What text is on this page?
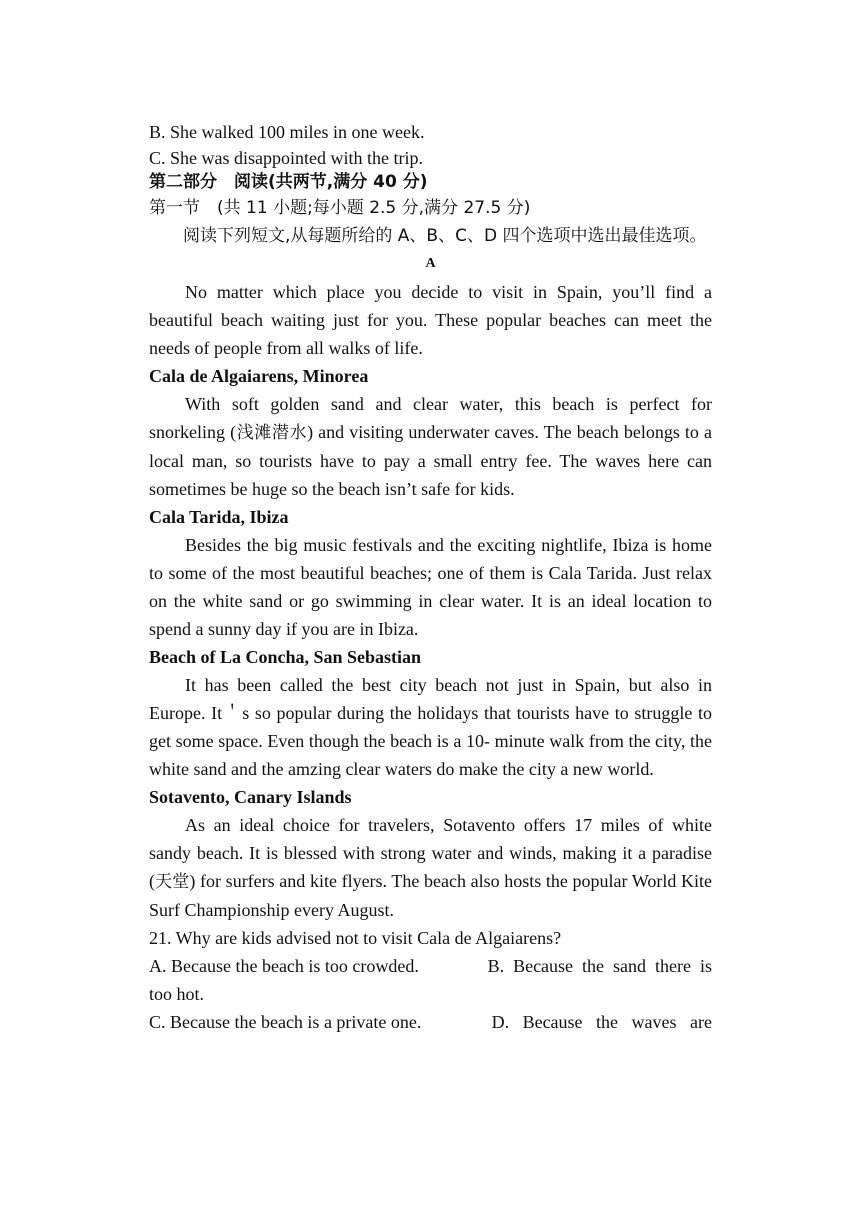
B. She walked 100 miles in one week.

C. She was disappointed with the trip.

第二部分　阅读(共两节,满分 40 分)

第一节　(共 11 小题;每小题 2.5 分,满分 27.5 分)

阅读下列短文,从每题所给的 A、B、C、D 四个选项中选出最佳选项。

A

No matter which place you decide to visit in Spain, you’ll find a beautiful beach waiting just for you. These popular beaches can meet the needs of people from all walks of life.

Cala de Algaiarens, Minorea

With soft golden sand and clear water, this beach is perfect for snorkeling (浅滩潜水) and visiting underwater caves. The beach belongs to a local man, so tourists have to pay a small entry fee. The waves here can sometimes be huge so the beach isn’t safe for kids.

Cala Tarida, Ibiza

Besides the big music festivals and the exciting nightlife, Ibiza is home to some of the most beautiful beaches; one of them is Cala Tarida. Just relax on the white sand or go swimming in clear water. It is an ideal location to spend a sunny day if you are in Ibiza.

Beach of La Concha, San Sebastian

It has been called the best city beach not just in Spain, but also in Europe. It＇s so popular during the holidays that tourists have to struggle to get some space. Even though the beach is a 10- minute walk from the city, the white sand and the amzing clear waters do make the city a new world.

Sotavento, Canary Islands

As an ideal choice for travelers, Sotavento offers 17 miles of white sandy beach. It is blessed with strong water and winds, making it a paradise (天堂) for surfers and kite flyers. The beach also hosts the popular World Kite Surf Championship every August.

21. Why are kids advised not to visit Cala de Algaiarens?

A. Because the beach is too crowded.	B.  Because  the  sand  there  is

too hot.

C. Because the beach is a private one.	D.   Because   the   waves   are
